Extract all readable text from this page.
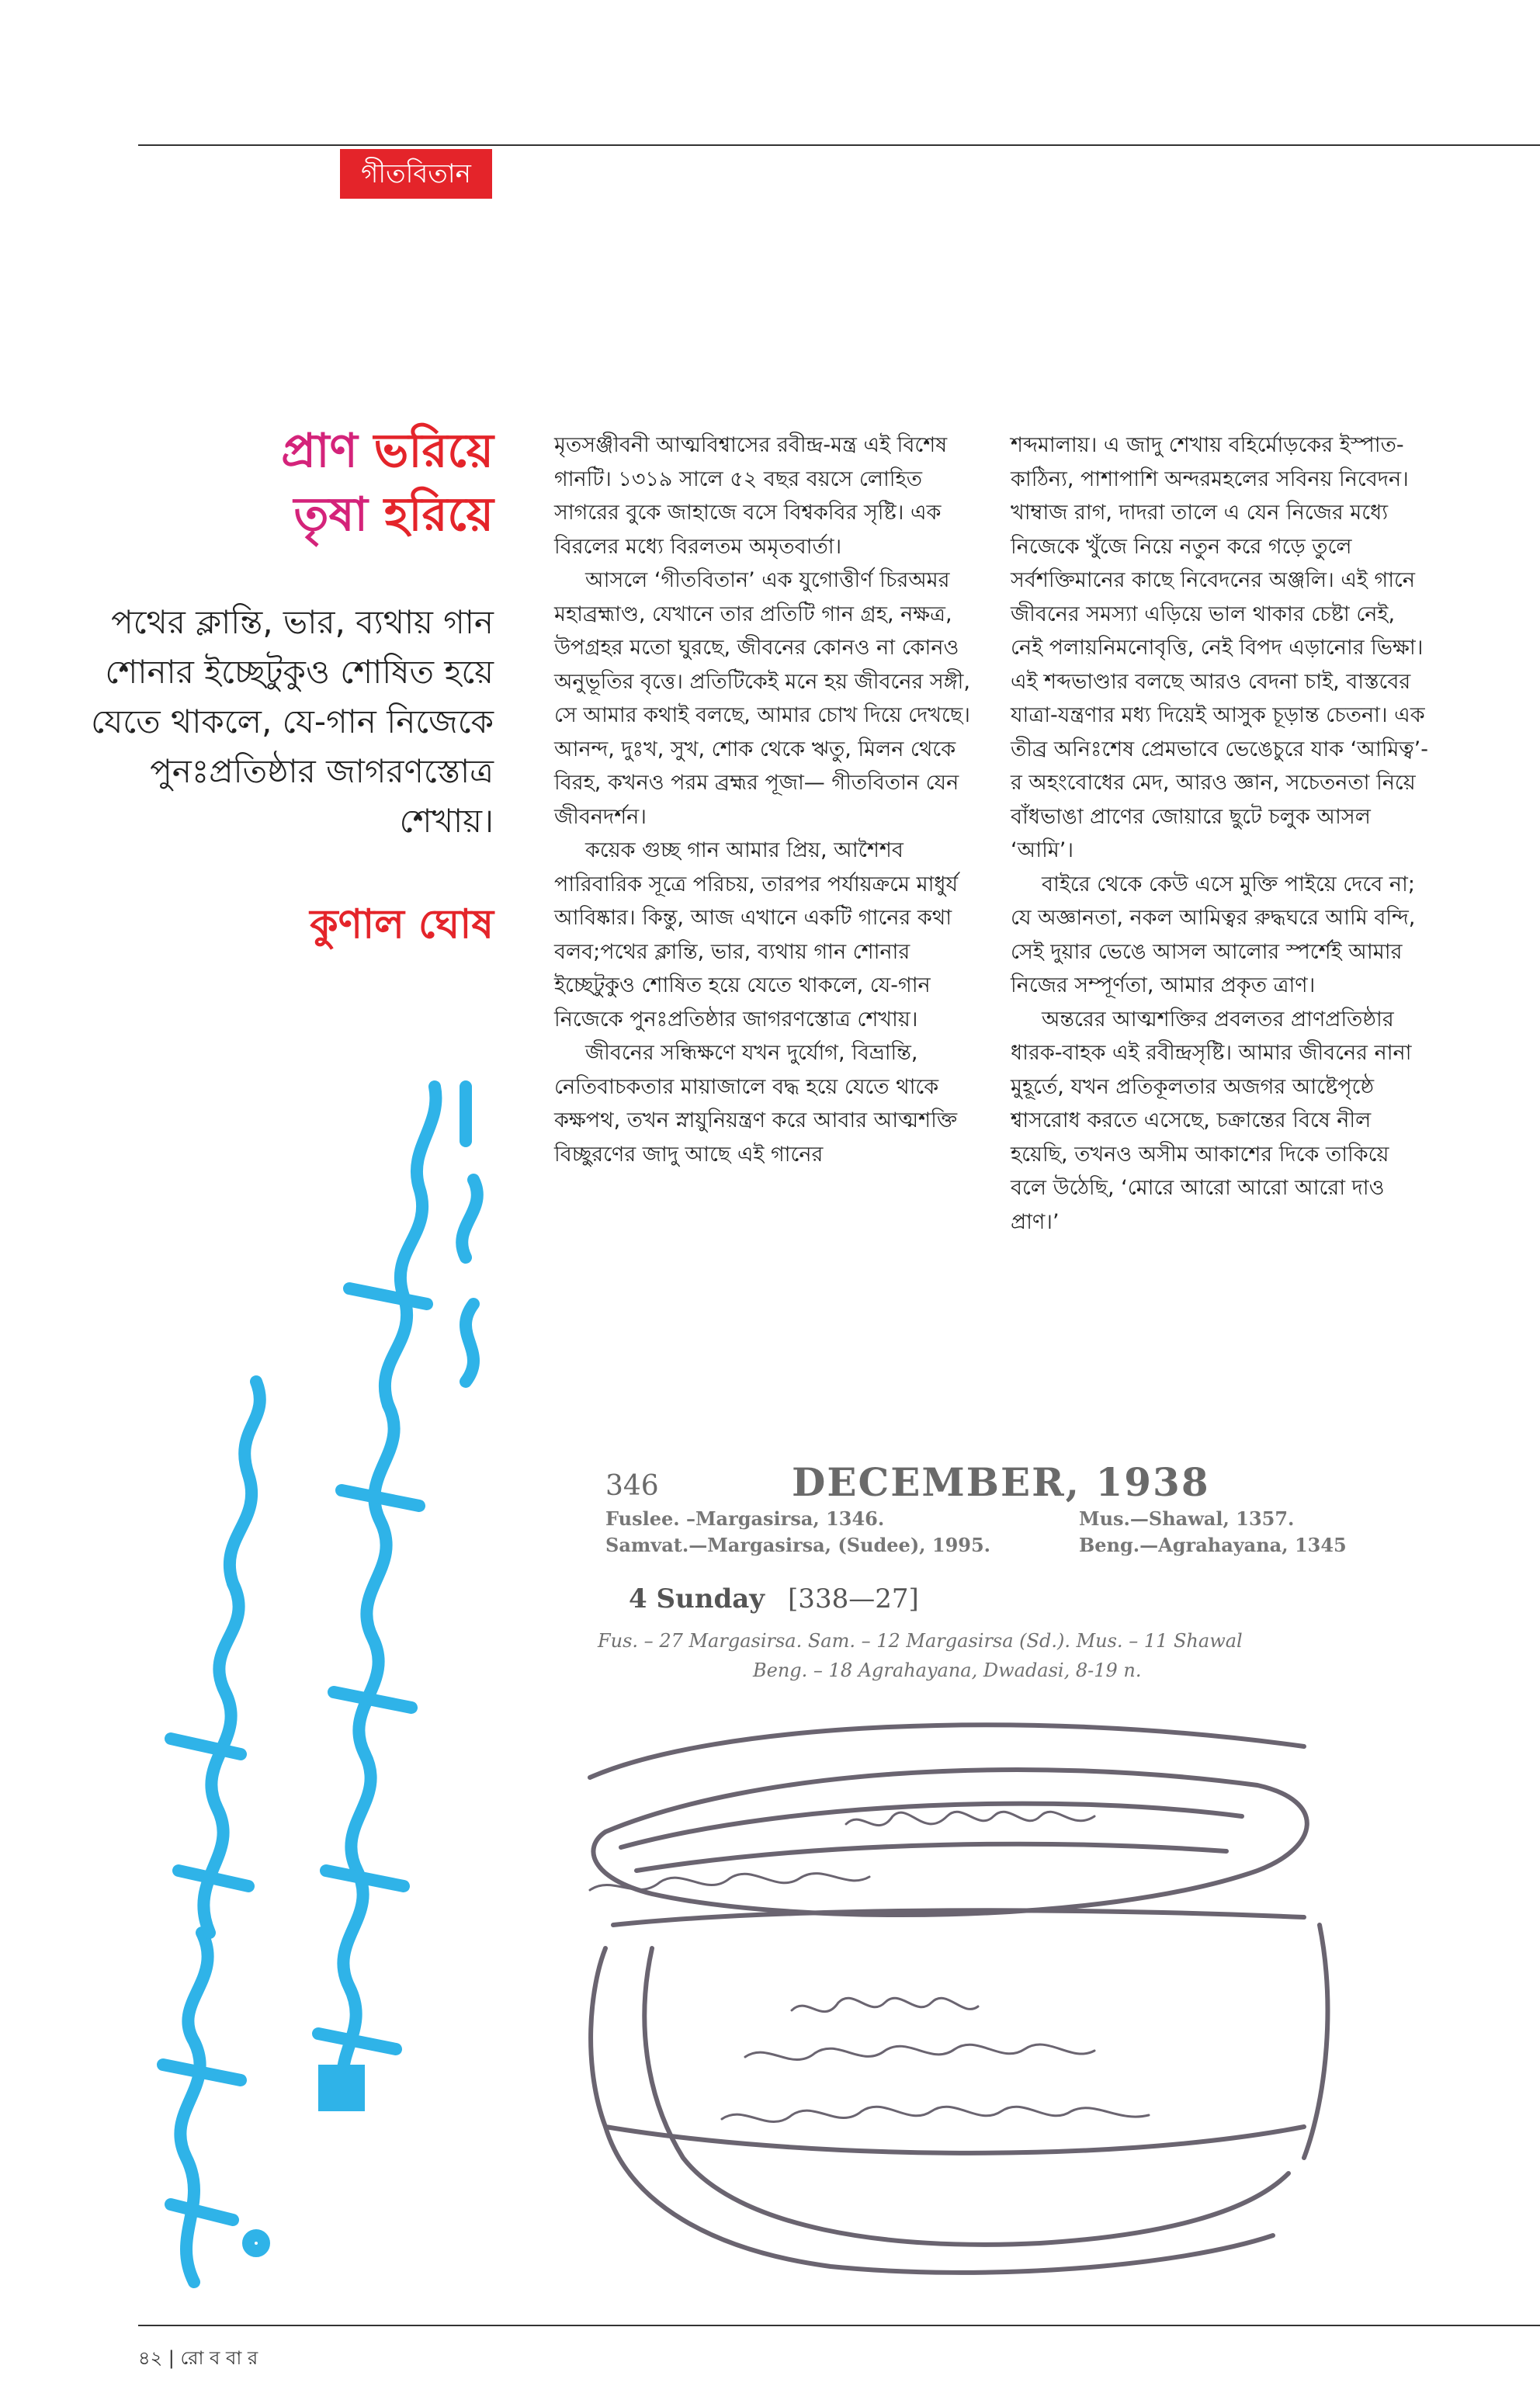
গীতবিতান
প্রাণ ভরিয়ে
তৃষা হরিয়ে
পথের ক্লান্তি, ভার, ব্যথায় গান শোনার ইচ্ছেটুকুও শোষিত হয়ে যেতে থাকলে, যে-গান নিজেকে পুনঃপ্রতিষ্ঠার জাগরণস্তোত্র শেখায়।
কুণাল ঘোষ

মৃতসঞ্জীবনী আত্মবিশ্বাসের রবীন্দ্র-মন্ত্র এই বিশেষ গানটি। ১৩১৯ সালে ৫২ বছর বয়সে লোহিত সাগরের বুকে জাহাজে বসে বিশ্বকবির সৃষ্টি। এক বিরলের মধ্যে বিরলতম অমৃতবার্তা।

আসলে ‘গীতবিতান’ এক যুগোত্তীর্ণ চিরঅমর মহাব্রহ্মাণ্ড, যেখানে তার প্রতিটি গান গ্রহ, নক্ষত্র, উপগ্রহর মতো ঘুরছে, জীবনের কোনও না কোনও অনুভূতির বৃত্তে। প্রতিটিকেই মনে হয় জীবনের সঙ্গী, সে আমার কথাই বলছে, আমার চোখ দিয়ে দেখছে। আনন্দ, দুঃখ, সুখ, শোক থেকে ঋতু, মিলন থেকে বিরহ, কখনও পরম ব্রহ্মর পূজা— গীতবিতান যেন জীবনদর্শন।

কয়েক গুচ্ছ গান আমার প্রিয়, আশৈশব পারিবারিক সূত্রে পরিচয়, তারপর পর্যায়ক্রমে মাধুর্য আবিষ্কার। কিন্তু, আজ এখানে একটি গানের কথা বলব;পথের ক্লান্তি, ভার, ব্যথায় গান শোনার ইচ্ছেটুকুও শোষিত হয়ে যেতে থাকলে, যে-গান নিজেকে পুনঃপ্রতিষ্ঠার জাগরণস্তোত্র শেখায়।

জীবনের সন্ধিক্ষণে যখন দুর্যোগ, বিভ্রান্তি, নেতিবাচকতার মায়াজালে বদ্ধ হয়ে যেতে থাকে কক্ষপথ, তখন স্নায়ুনিয়ন্ত্রণ করে আবার আত্মশক্তি বিচ্ছুরণের জাদু আছে এই গানের

শব্দমালায়। এ জাদু শেখায় বহির্মোড়কের ইস্পাত-কাঠিন্য, পাশাপাশি অন্দরমহলের সবিনয় নিবেদন। খাম্বাজ রাগ, দাদরা তালে এ যেন নিজের মধ্যে নিজেকে খুঁজে নিয়ে নতুন করে গড়ে তুলে সর্বশক্তিমানের কাছে নিবেদনের অঞ্জলি। এই গানে জীবনের সমস্যা এড়িয়ে ভাল থাকার চেষ্টা নেই, নেই পলায়নিমনোবৃত্তি, নেই বিপদ এড়ানোর ভিক্ষা। এই শব্দভাণ্ডার বলছে আরও বেদনা চাই, বাস্তবের যাত্রা-যন্ত্রণার মধ্য দিয়েই আসুক চূড়ান্ত চেতনা। এক তীব্র অনিঃশেষ প্রেমভাবে ভেঙেচুরে যাক ‘আমিত্ব’-র অহংবোধের মেদ, আরও জ্ঞান, সচেতনতা নিয়ে বাঁধভাঙা প্রাণের জোয়ারে ছুটে চলুক আসল ‘আমি’।

বাইরে থেকে কেউ এসে মুক্তি পাইয়ে দেবে না; যে অজ্ঞানতা, নকল আমিত্বর রুদ্ধঘরে আমি বন্দি, সেই দুয়ার ভেঙে আসল আলোর স্পর্শেই আমার নিজের সম্পূর্ণতা, আমার প্রকৃত ত্রাণ।

অন্তরের আত্মশক্তির প্রবলতর প্রাণপ্রতিষ্ঠার ধারক-বাহক এই রবীন্দ্রসৃষ্টি। আমার জীবনের নানা মুহূর্তে, যখন প্রতিকূলতার অজগর আষ্টেপৃষ্ঠে শ্বাসরোধ করতে এসেছে, চক্রান্তের বিষে নীল হয়েছি, তখনও অসীম আকাশের দিকে তাকিয়ে বলে উঠেছি, ‘মোরে আরো আরো আরো দাও প্রাণ।’

346	DECEMBER, 1938
Fuslee. –Margasirsa, 1346.	Mus.—Shawal, 1357.
Samvat.—Margasirsa, (Sudee), 1995.	Beng.—Agrahayana, 1345
4 Sunday [338—27]
Fus. – 27 Margasirsa. Sam. – 12 Margasirsa (Sd.). Mus. – 11 Shawal
Beng. – 18 Agrahayana, Dwadasi, 8-19 n.
৪২ | রো ব বা র
